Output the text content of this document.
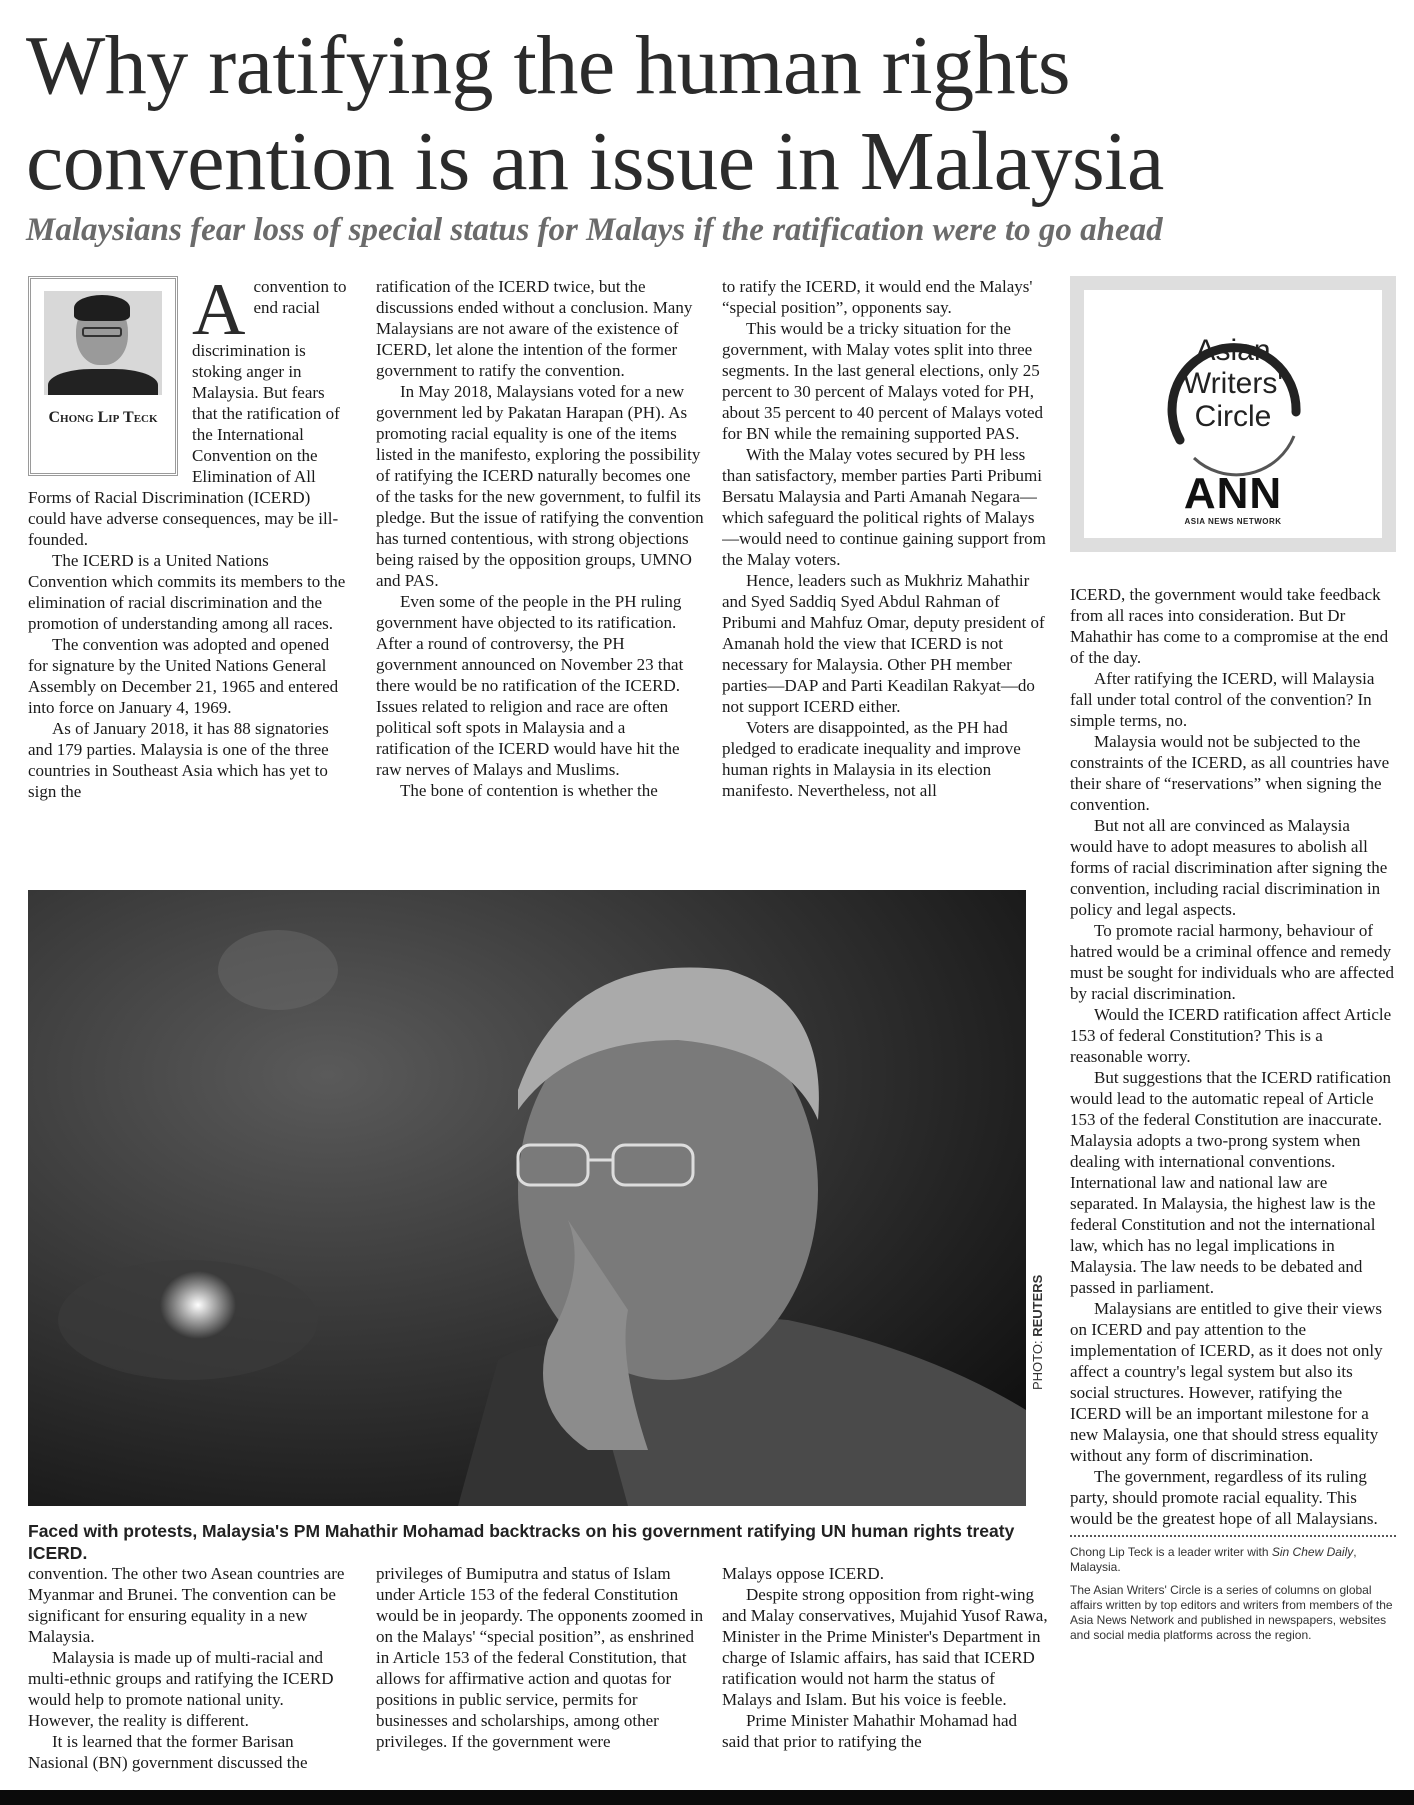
Why ratifying the human rights convention is an issue in Malaysia
Malaysians fear loss of special status for Malays if the ratification were to go ahead
Chong Lip Teck
A convention to end racial discrimination is stoking anger in Malaysia. But fears that the ratification of the International Convention on the Elimination of All Forms of Racial Discrimination (ICERD) could have adverse consequences, may be ill-founded.

The ICERD is a United Nations Convention which commits its members to the elimination of racial discrimination and the promotion of understanding among all races.

The convention was adopted and opened for signature by the United Nations General Assembly on December 21, 1965 and entered into force on January 4, 1969.

As of January 2018, it has 88 signatories and 179 parties. Malaysia is one of the three countries in Southeast Asia which has yet to sign the

ratification of the ICERD twice, but the discussions ended without a conclusion. Many Malaysians are not aware of the existence of ICERD, let alone the intention of the former government to ratify the convention.

In May 2018, Malaysians voted for a new government led by Pakatan Harapan (PH). As promoting racial equality is one of the items listed in the manifesto, exploring the possibility of ratifying the ICERD naturally becomes one of the tasks for the new government, to fulfil its pledge. But the issue of ratifying the convention has turned contentious, with strong objections being raised by the opposition groups, UMNO and PAS.

Even some of the people in the PH ruling government have objected to its ratification. After a round of controversy, the PH government announced on November 23 that there would be no ratification of the ICERD. Issues related to religion and race are often political soft spots in Malaysia and a ratification of the ICERD would have hit the raw nerves of Malays and Muslims.

The bone of contention is whether the

to ratify the ICERD, it would end the Malays' “special position”, opponents say.

This would be a tricky situation for the government, with Malay votes split into three segments. In the last general elections, only 25 percent to 30 percent of Malays voted for PH, about 35 percent to 40 percent of Malays voted for BN while the remaining supported PAS.

With the Malay votes secured by PH less than satisfactory, member parties Parti Pribumi Bersatu Malaysia and Parti Amanah Negara—which safeguard the political rights of Malays—would need to continue gaining support from the Malay voters.

Hence, leaders such as Mukhriz Mahathir and Syed Saddiq Syed Abdul Rahman of Pribumi and Mahfuz Omar, deputy president of Amanah hold the view that ICERD is not necessary for Malaysia. Other PH member parties—DAP and Parti Keadilan Rakyat—do not support ICERD either.

Voters are disappointed, as the PH had pledged to eradicate inequality and improve human rights in Malaysia in its election manifesto. Nevertheless, not all

Asian
Writers'
Circle
ANN
ASIA NEWS NETWORK

ICERD, the government would take feedback from all races into consideration. But Dr Mahathir has come to a compromise at the end of the day.

After ratifying the ICERD, will Malaysia fall under total control of the convention? In simple terms, no.

Malaysia would not be subjected to the constraints of the ICERD, as all countries have their share of “reservations” when signing the convention.

But not all are convinced as Malaysia would have to adopt measures to abolish all forms of racial discrimination after signing the convention, including racial discrimination in policy and legal aspects.

To promote racial harmony, behaviour of hatred would be a criminal offence and remedy must be sought for individuals who are affected by racial discrimination.

Would the ICERD ratification affect Article 153 of federal Constitution? This is a reasonable worry.

But suggestions that the ICERD ratification would lead to the automatic repeal of Article 153 of the federal Constitution are inaccurate. Malaysia adopts a two-prong system when dealing with international conventions. International law and national law are separated. In Malaysia, the highest law is the federal Constitution and not the international law, which has no legal implications in Malaysia. The law needs to be debated and passed in parliament.

Malaysians are entitled to give their views on ICERD and pay attention to the implementation of ICERD, as it does not only affect a country's legal system but also its social structures. However, ratifying the ICERD will be an important milestone for a new Malaysia, one that should stress equality without any form of discrimination.

The government, regardless of its ruling party, should promote racial equality. This would be the greatest hope of all Malaysians.

Chong Lip Teck is a leader writer with Sin Chew Daily, Malaysia.
The Asian Writers' Circle is a series of columns on global affairs written by top editors and writers from members of the Asia News Network and published in newspapers, websites and social media platforms across the region.
PHOTO: REUTERS

Faced with protests, Malaysia's PM Mahathir Mohamad backtracks on his government ratifying UN human rights treaty ICERD.

convention. The other two Asean countries are Myanmar and Brunei. The convention can be significant for ensuring equality in a new Malaysia.

Malaysia is made up of multi-racial and multi-ethnic groups and ratifying the ICERD would help to promote national unity. However, the reality is different.

It is learned that the former Barisan Nasional (BN) government discussed the

privileges of Bumiputra and status of Islam under Article 153 of the federal Constitution would be in jeopardy. The opponents zoomed in on the Malays' “special position”, as enshrined in Article 153 of the federal Constitution, that allows for affirmative action and quotas for positions in public service, permits for businesses and scholarships, among other privileges. If the government were

Malays oppose ICERD.

Despite strong opposition from right-wing and Malay conservatives, Mujahid Yusof Rawa, Minister in the Prime Minister's Department in charge of Islamic affairs, has said that ICERD ratification would not harm the status of Malays and Islam. But his voice is feeble.

Prime Minister Mahathir Mohamad had said that prior to ratifying the
